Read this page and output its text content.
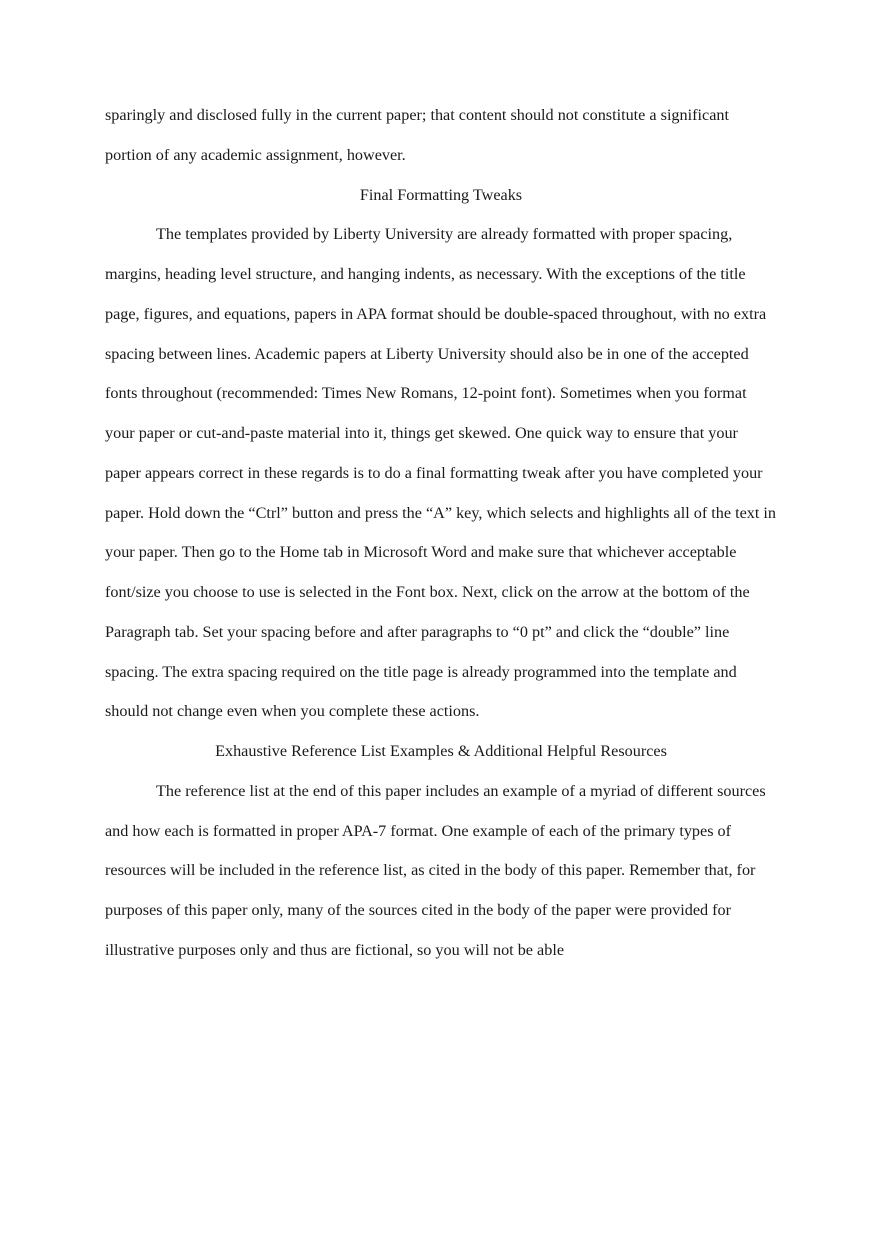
sparingly and disclosed fully in the current paper; that content should not constitute a significant portion of any academic assignment, however.

Final Formatting Tweaks

The templates provided by Liberty University are already formatted with proper spacing, margins, heading level structure, and hanging indents, as necessary. With the exceptions of the title page, figures, and equations, papers in APA format should be double-spaced throughout, with no extra spacing between lines. Academic papers at Liberty University should also be in one of the accepted fonts throughout (recommended: Times New Romans, 12-point font). Sometimes when you format your paper or cut-and-paste material into it, things get skewed. One quick way to ensure that your paper appears correct in these regards is to do a final formatting tweak after you have completed your paper. Hold down the “Ctrl” button and press the “A” key, which selects and highlights all of the text in your paper. Then go to the Home tab in Microsoft Word and make sure that whichever acceptable font/size you choose to use is selected in the Font box. Next, click on the arrow at the bottom of the Paragraph tab. Set your spacing before and after paragraphs to “0 pt” and click the “double” line spacing. The extra spacing required on the title page is already programmed into the template and should not change even when you complete these actions.

Exhaustive Reference List Examples & Additional Helpful Resources

The reference list at the end of this paper includes an example of a myriad of different sources and how each is formatted in proper APA-7 format. One example of each of the primary types of resources will be included in the reference list, as cited in the body of this paper. Remember that, for purposes of this paper only, many of the sources cited in the body of the paper were provided for illustrative purposes only and thus are fictional, so you will not be able
